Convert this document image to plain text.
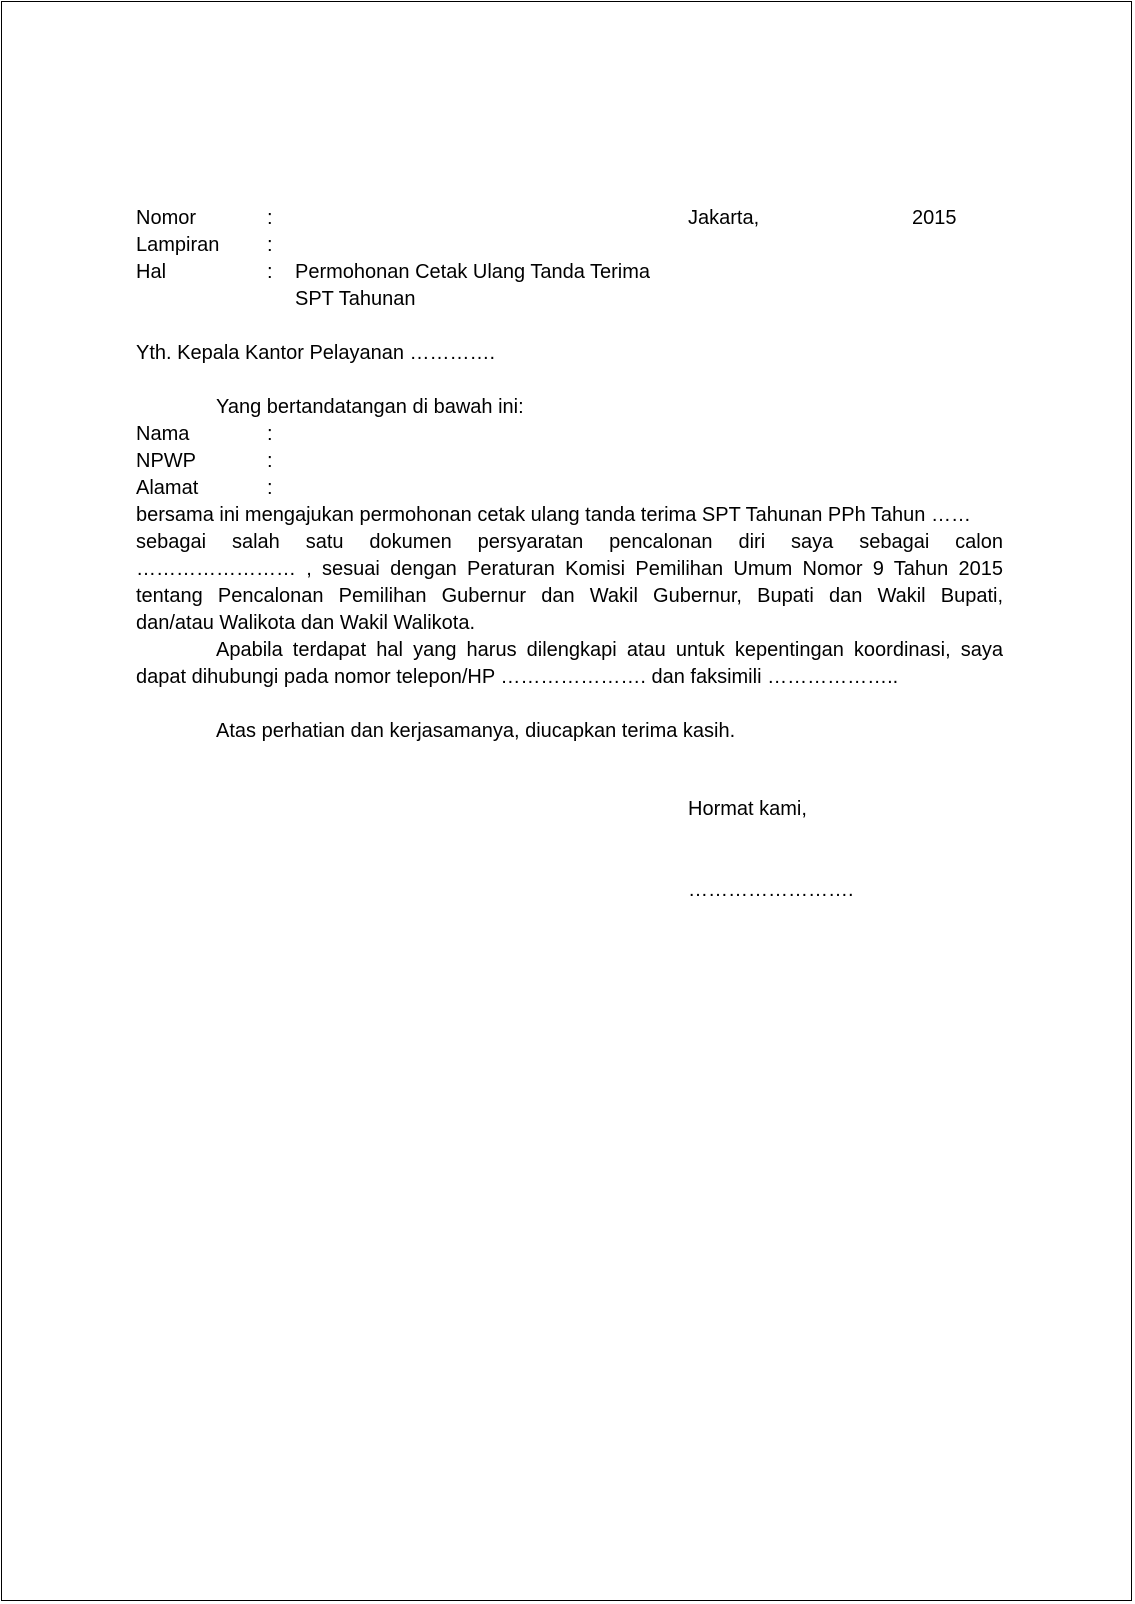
Nomor	:	Jakarta,	2015
Lampiran :
Hal	: Permohonan Cetak Ulang Tanda Terima
SPT Tahunan
Yth. Kepala Kantor Pelayanan ………….
Yang bertandatangan di bawah ini:
Nama	:
NPWP	:
Alamat	:
bersama ini mengajukan permohonan cetak ulang tanda terima SPT Tahunan PPh Tahun ……
sebagai salah satu dokumen persyaratan pencalonan diri saya sebagai calon
…………………… , sesuai dengan Peraturan Komisi Pemilihan Umum Nomor 9 Tahun 2015
tentang Pencalonan Pemilihan Gubernur dan Wakil Gubernur, Bupati dan Wakil Bupati,
dan/atau Walikota dan Wakil Walikota.
Apabila terdapat hal yang harus dilengkapi atau untuk kepentingan koordinasi, saya
dapat dihubungi pada nomor telepon/HP …………………. dan faksimili ………………..
Atas perhatian dan kerjasamanya, diucapkan terima kasih.
Hormat kami,
…………………….
